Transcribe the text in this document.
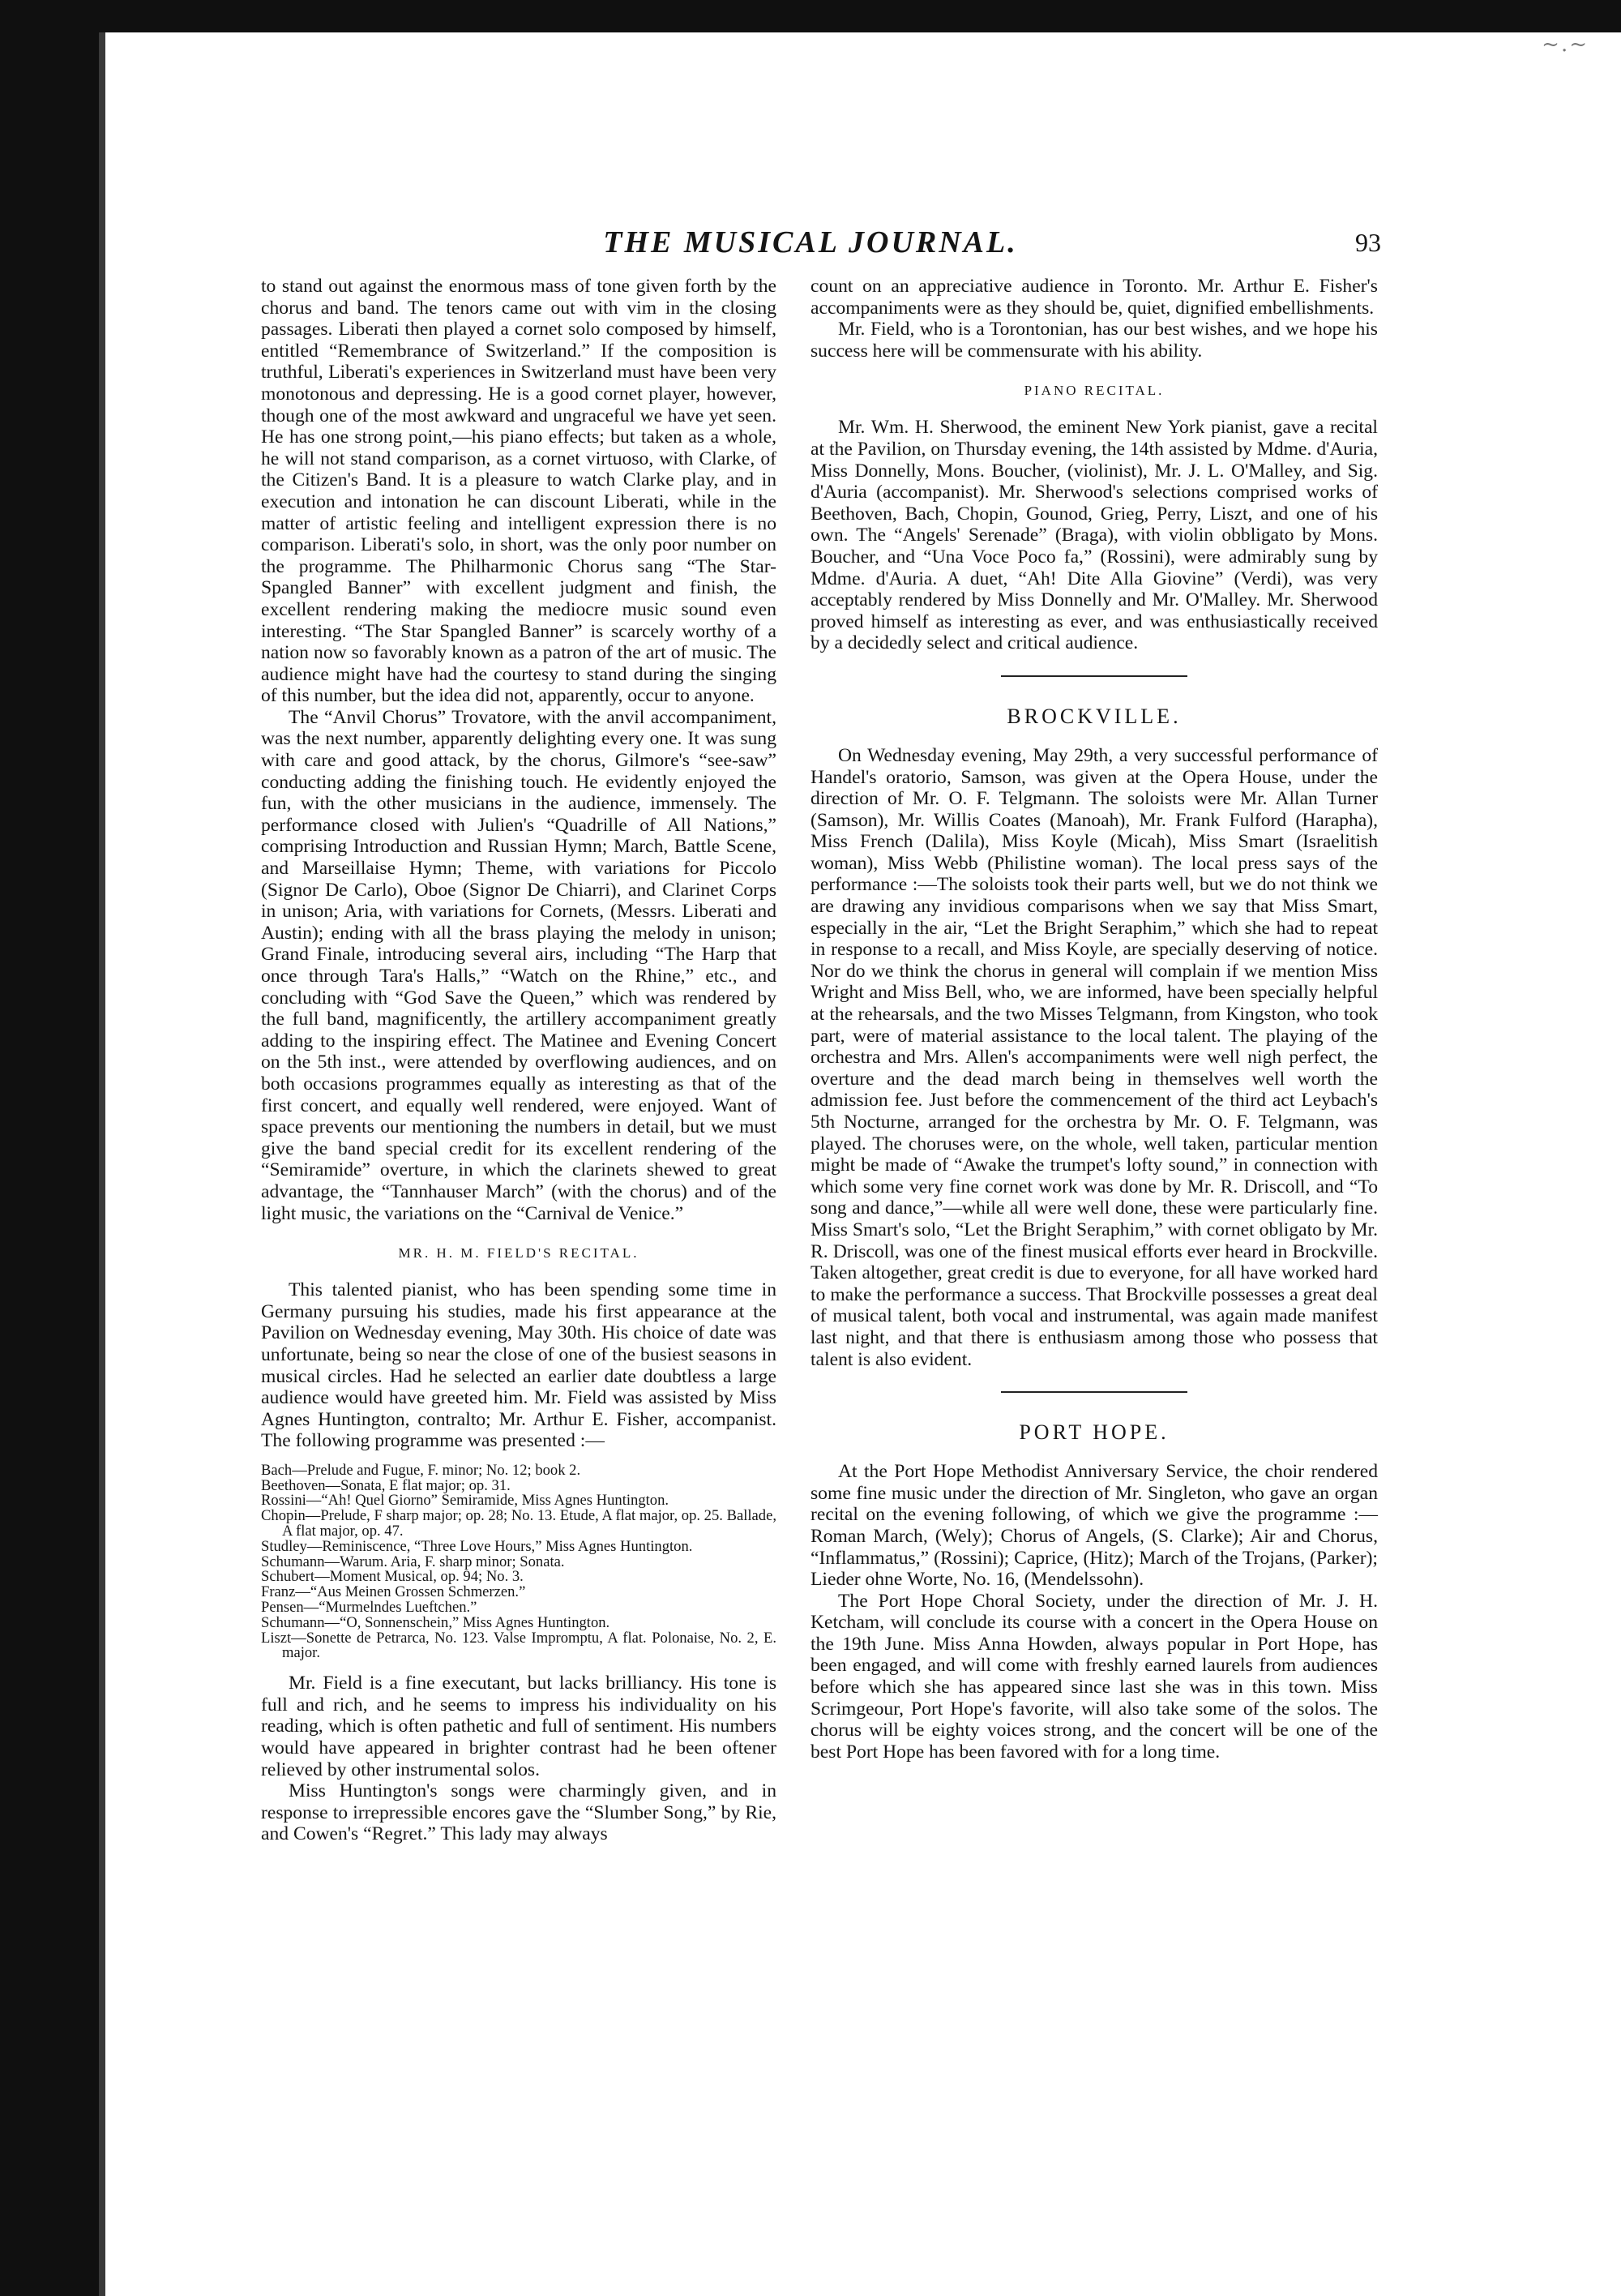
~.~
THE MUSICAL JOURNAL.	93

to stand out against the enormous mass of tone given forth by the chorus and band. The tenors came out with vim in the closing passages. Liberati then played a cornet solo composed by himself, entitled “Remembrance of Switzerland.” If the composition is truthful, Liberati's experiences in Switzerland must have been very monotonous and depressing. He is a good cornet player, however, though one of the most awkward and ungraceful we have yet seen. He has one strong point,—his piano effects; but taken as a whole, he will not stand comparison, as a cornet virtuoso, with Clarke, of the Citizen's Band. It is a pleasure to watch Clarke play, and in execution and intonation he can discount Liberati, while in the matter of artistic feeling and intelligent expression there is no comparison. Liberati's solo, in short, was the only poor number on the programme. The Philharmonic Chorus sang “The Star-Spangled Banner” with excellent judgment and finish, the excellent rendering making the mediocre music sound even interesting. “The Star Spangled Banner” is scarcely worthy of a nation now so favorably known as a patron of the art of music. The audience might have had the courtesy to stand during the singing of this number, but the idea did not, apparently, occur to anyone.

The “Anvil Chorus” Trovatore, with the anvil accompaniment, was the next number, apparently delighting every one. It was sung with care and good attack, by the chorus, Gilmore's “see-saw” conducting adding the finishing touch. He evidently enjoyed the fun, with the other musicians in the audience, immensely. The performance closed with Julien's “Quadrille of All Nations,” comprising Introduction and Russian Hymn; March, Battle Scene, and Marseillaise Hymn; Theme, with variations for Piccolo (Signor De Carlo), Oboe (Signor De Chiarri), and Clarinet Corps in unison; Aria, with variations for Cornets, (Messrs. Liberati and Austin); ending with all the brass playing the melody in unison; Grand Finale, introducing several airs, including “The Harp that once through Tara's Halls,” “Watch on the Rhine,” etc., and concluding with “God Save the Queen,” which was rendered by the full band, magnificently, the artillery accompaniment greatly adding to the inspiring effect. The Matinee and Evening Concert on the 5th inst., were attended by overflowing audiences, and on both occasions programmes equally as interesting as that of the first concert, and equally well rendered, were enjoyed. Want of space prevents our mentioning the numbers in detail, but we must give the band special credit for its excellent rendering of the “Semiramide” overture, in which the clarinets shewed to great advantage, the “Tannhauser March” (with the chorus) and of the light music, the variations on the “Carnival de Venice.”

MR. H. M. FIELD'S RECITAL.

This talented pianist, who has been spending some time in Germany pursuing his studies, made his first appearance at the Pavilion on Wednesday evening, May 30th. His choice of date was unfortunate, being so near the close of one of the busiest seasons in musical circles. Had he selected an earlier date doubtless a large audience would have greeted him. Mr. Field was assisted by Miss Agnes Huntington, contralto; Mr. Arthur E. Fisher, accompanist. The following programme was presented :—

Bach—Prelude and Fugue, F. minor; No. 12; book 2.
Beethoven—Sonata, E flat major; op. 31.
Rossini—“Ah! Quel Giorno” Semiramide, Miss Agnes Huntington.
Chopin—Prelude, F sharp major; op. 28; No. 13. Etude, A flat major, op. 25. Ballade, A flat major, op. 47.
Studley—Reminiscence, “Three Love Hours,” Miss Agnes Huntington.
Schumann—Warum. Aria, F. sharp minor; Sonata.
Schubert—Moment Musical, op. 94; No. 3.
Franz—“Aus Meinen Grossen Schmerzen.”
Pensen—“Murmelndes Lueftchen.”
Schumann—“O, Sonnenschein,” Miss Agnes Huntington.
Liszt—Sonette de Petrarca, No. 123. Valse Impromptu, A flat. Polonaise, No. 2, E. major.

Mr. Field is a fine executant, but lacks brilliancy. His tone is full and rich, and he seems to impress his individuality on his reading, which is often pathetic and full of sentiment. His numbers would have appeared in brighter contrast had he been oftener relieved by other instrumental solos.

Miss Huntington's songs were charmingly given, and in response to irrepressible encores gave the “Slumber Song,” by Rie, and Cowen's “Regret.” This lady may always

count on an appreciative audience in Toronto. Mr. Arthur E. Fisher's accompaniments were as they should be, quiet, dignified embellishments.

Mr. Field, who is a Torontonian, has our best wishes, and we hope his success here will be commensurate with his ability.

PIANO RECITAL.

Mr. Wm. H. Sherwood, the eminent New York pianist, gave a recital at the Pavilion, on Thursday evening, the 14th assisted by Mdme. d'Auria, Miss Donnelly, Mons. Boucher, (violinist), Mr. J. L. O'Malley, and Sig. d'Auria (accompanist). Mr. Sherwood's selections comprised works of Beethoven, Bach, Chopin, Gounod, Grieg, Perry, Liszt, and one of his own. The “Angels' Serenade” (Braga), with violin obbligato by Mons. Boucher, and “Una Voce Poco fa,” (Rossini), were admirably sung by Mdme. d'Auria. A duet, “Ah! Dite Alla Giovine” (Verdi), was very acceptably rendered by Miss Donnelly and Mr. O'Malley. Mr. Sherwood proved himself as interesting as ever, and was enthusiastically received by a decidedly select and critical audience.

BROCKVILLE.

On Wednesday evening, May 29th, a very successful performance of Handel's oratorio, Samson, was given at the Opera House, under the direction of Mr. O. F. Telgmann. The soloists were Mr. Allan Turner (Samson), Mr. Willis Coates (Manoah), Mr. Frank Fulford (Harapha), Miss French (Dalila), Miss Koyle (Micah), Miss Smart (Israelitish woman), Miss Webb (Philistine woman). The local press says of the performance :—The soloists took their parts well, but we do not think we are drawing any invidious comparisons when we say that Miss Smart, especially in the air, “Let the Bright Seraphim,” which she had to repeat in response to a recall, and Miss Koyle, are specially deserving of notice. Nor do we think the chorus in general will complain if we mention Miss Wright and Miss Bell, who, we are informed, have been specially helpful at the rehearsals, and the two Misses Telgmann, from Kingston, who took part, were of material assistance to the local talent. The playing of the orchestra and Mrs. Allen's accompaniments were well nigh perfect, the overture and the dead march being in themselves well worth the admission fee. Just before the commencement of the third act Leybach's 5th Nocturne, arranged for the orchestra by Mr. O. F. Telgmann, was played. The choruses were, on the whole, well taken, particular mention might be made of “Awake the trumpet's lofty sound,” in connection with which some very fine cornet work was done by Mr. R. Driscoll, and “To song and dance,”—while all were well done, these were particularly fine. Miss Smart's solo, “Let the Bright Seraphim,” with cornet obligato by Mr. R. Driscoll, was one of the finest musical efforts ever heard in Brockville. Taken altogether, great credit is due to everyone, for all have worked hard to make the performance a success. That Brockville possesses a great deal of musical talent, both vocal and instrumental, was again made manifest last night, and that there is enthusiasm among those who possess that talent is also evident.

PORT HOPE.

At the Port Hope Methodist Anniversary Service, the choir rendered some fine music under the direction of Mr. Singleton, who gave an organ recital on the evening following, of which we give the programme :—Roman March, (Wely); Chorus of Angels, (S. Clarke); Air and Chorus, “Inflammatus,” (Rossini); Caprice, (Hitz); March of the Trojans, (Parker); Lieder ohne Worte, No. 16, (Mendelssohn).

The Port Hope Choral Society, under the direction of Mr. J. H. Ketcham, will conclude its course with a concert in the Opera House on the 19th June. Miss Anna Howden, always popular in Port Hope, has been engaged, and will come with freshly earned laurels from audiences before which she has appeared since last she was in this town. Miss Scrimgeour, Port Hope's favorite, will also take some of the solos. The chorus will be eighty voices strong, and the concert will be one of the best Port Hope has been favored with for a long time.
